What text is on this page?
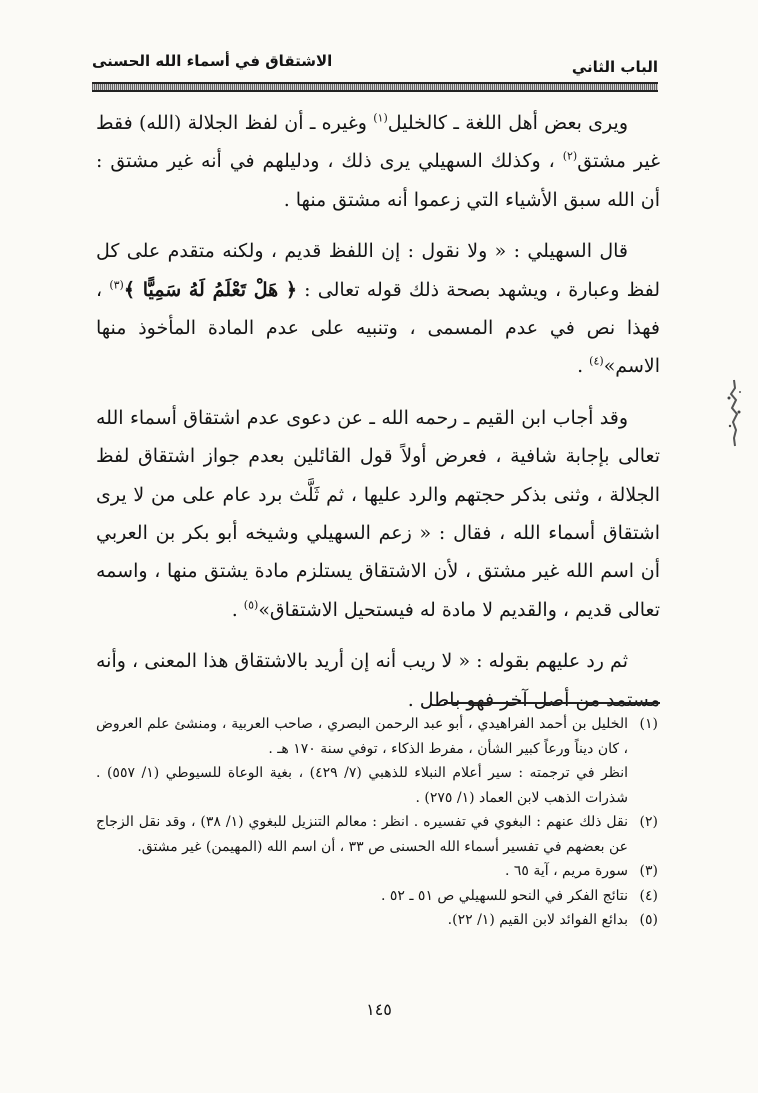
الباب الثاني
الاشتقاق في أسماء الله الحسنى

ويرى بعض أهل اللغة ـ كالخليل$^{(١)}$ وغيره ـ أن لفظ الجلالة (الله) فقط غير مشتق$^{(٢)}$ ، وكذلك السهيلي يرى ذلك ، ودليلهم في أنه غير مشتق : أن الله سبق الأشياء التي زعموا أنه مشتق منها .

قال السهيلي : « ولا نقول : إن اللفظ قديم ، ولكنه متقدم على كل لفظ وعبارة ، ويشهد بصحة ذلك قوله تعالى : ﴿ هَلْ تَعْلَمُ لَهُ سَمِيًّا ﴾$^{(٣)}$ ، فهذا نص في عدم المسمى ، وتنبيه على عدم المادة المأخوذ منها الاسم»$^{(٤)}$ .

وقد أجاب ابن القيم ـ رحمه الله ـ عن دعوى عدم اشتقاق أسماء الله تعالى بإجابة شافية ، فعرض أولاً قول القائلين بعدم جواز اشتقاق لفظ الجلالة ، وثنى بذكر حجتهم والرد عليها ، ثم ثَلَّث برد عام على من لا يرى اشتقاق أسماء الله ، فقال : « زعم السهيلي وشيخه أبو بكر بن العربي أن اسم الله غير مشتق ، لأن الاشتقاق يستلزم مادة يشتق منها ، واسمه تعالى قديم ، والقديم لا مادة له فيستحيل الاشتقاق»$^{(٥)}$ .

ثم رد عليهم بقوله : « لا ريب أنه إن أريد بالاشتقاق هذا المعنى ، وأنه مستمد من أصل آخر فهو باطل .

(١)
الخليل بن أحمد الفراهيدي ، أبو عبد الرحمن البصري ، صاحب العربية ، ومنشئ علم العروض ، كان ديناً ورعاً كبير الشأن ، مفرط الذكاء ، توفي سنة ١٧٠ هـ .
انظر في ترجمته : سير أعلام النبلاء للذهبي (٧/ ٤٢٩) ، بغية الوعاة للسيوطي (١/ ٥٥٧) . شذرات الذهب لابن العماد (١/ ٢٧٥) .
(٢)
نقل ذلك عنهم : البغوي في تفسيره . انظر : معالم التنزيل للبغوي (١/ ٣٨) ، وقد نقل الزجاج عن بعضهم في تفسير أسماء الله الحسنى ص ٣٣ ، أن اسم الله (المهيمن) غير مشتق.
(٣)
سورة مريم ، آية ٦٥ .
(٤)
نتائج الفكر في النحو للسهيلي ص ٥١ ـ ٥٢ .
(٥)
بدائع الفوائد لابن القيم (١/ ٢٢).
١٤٥
